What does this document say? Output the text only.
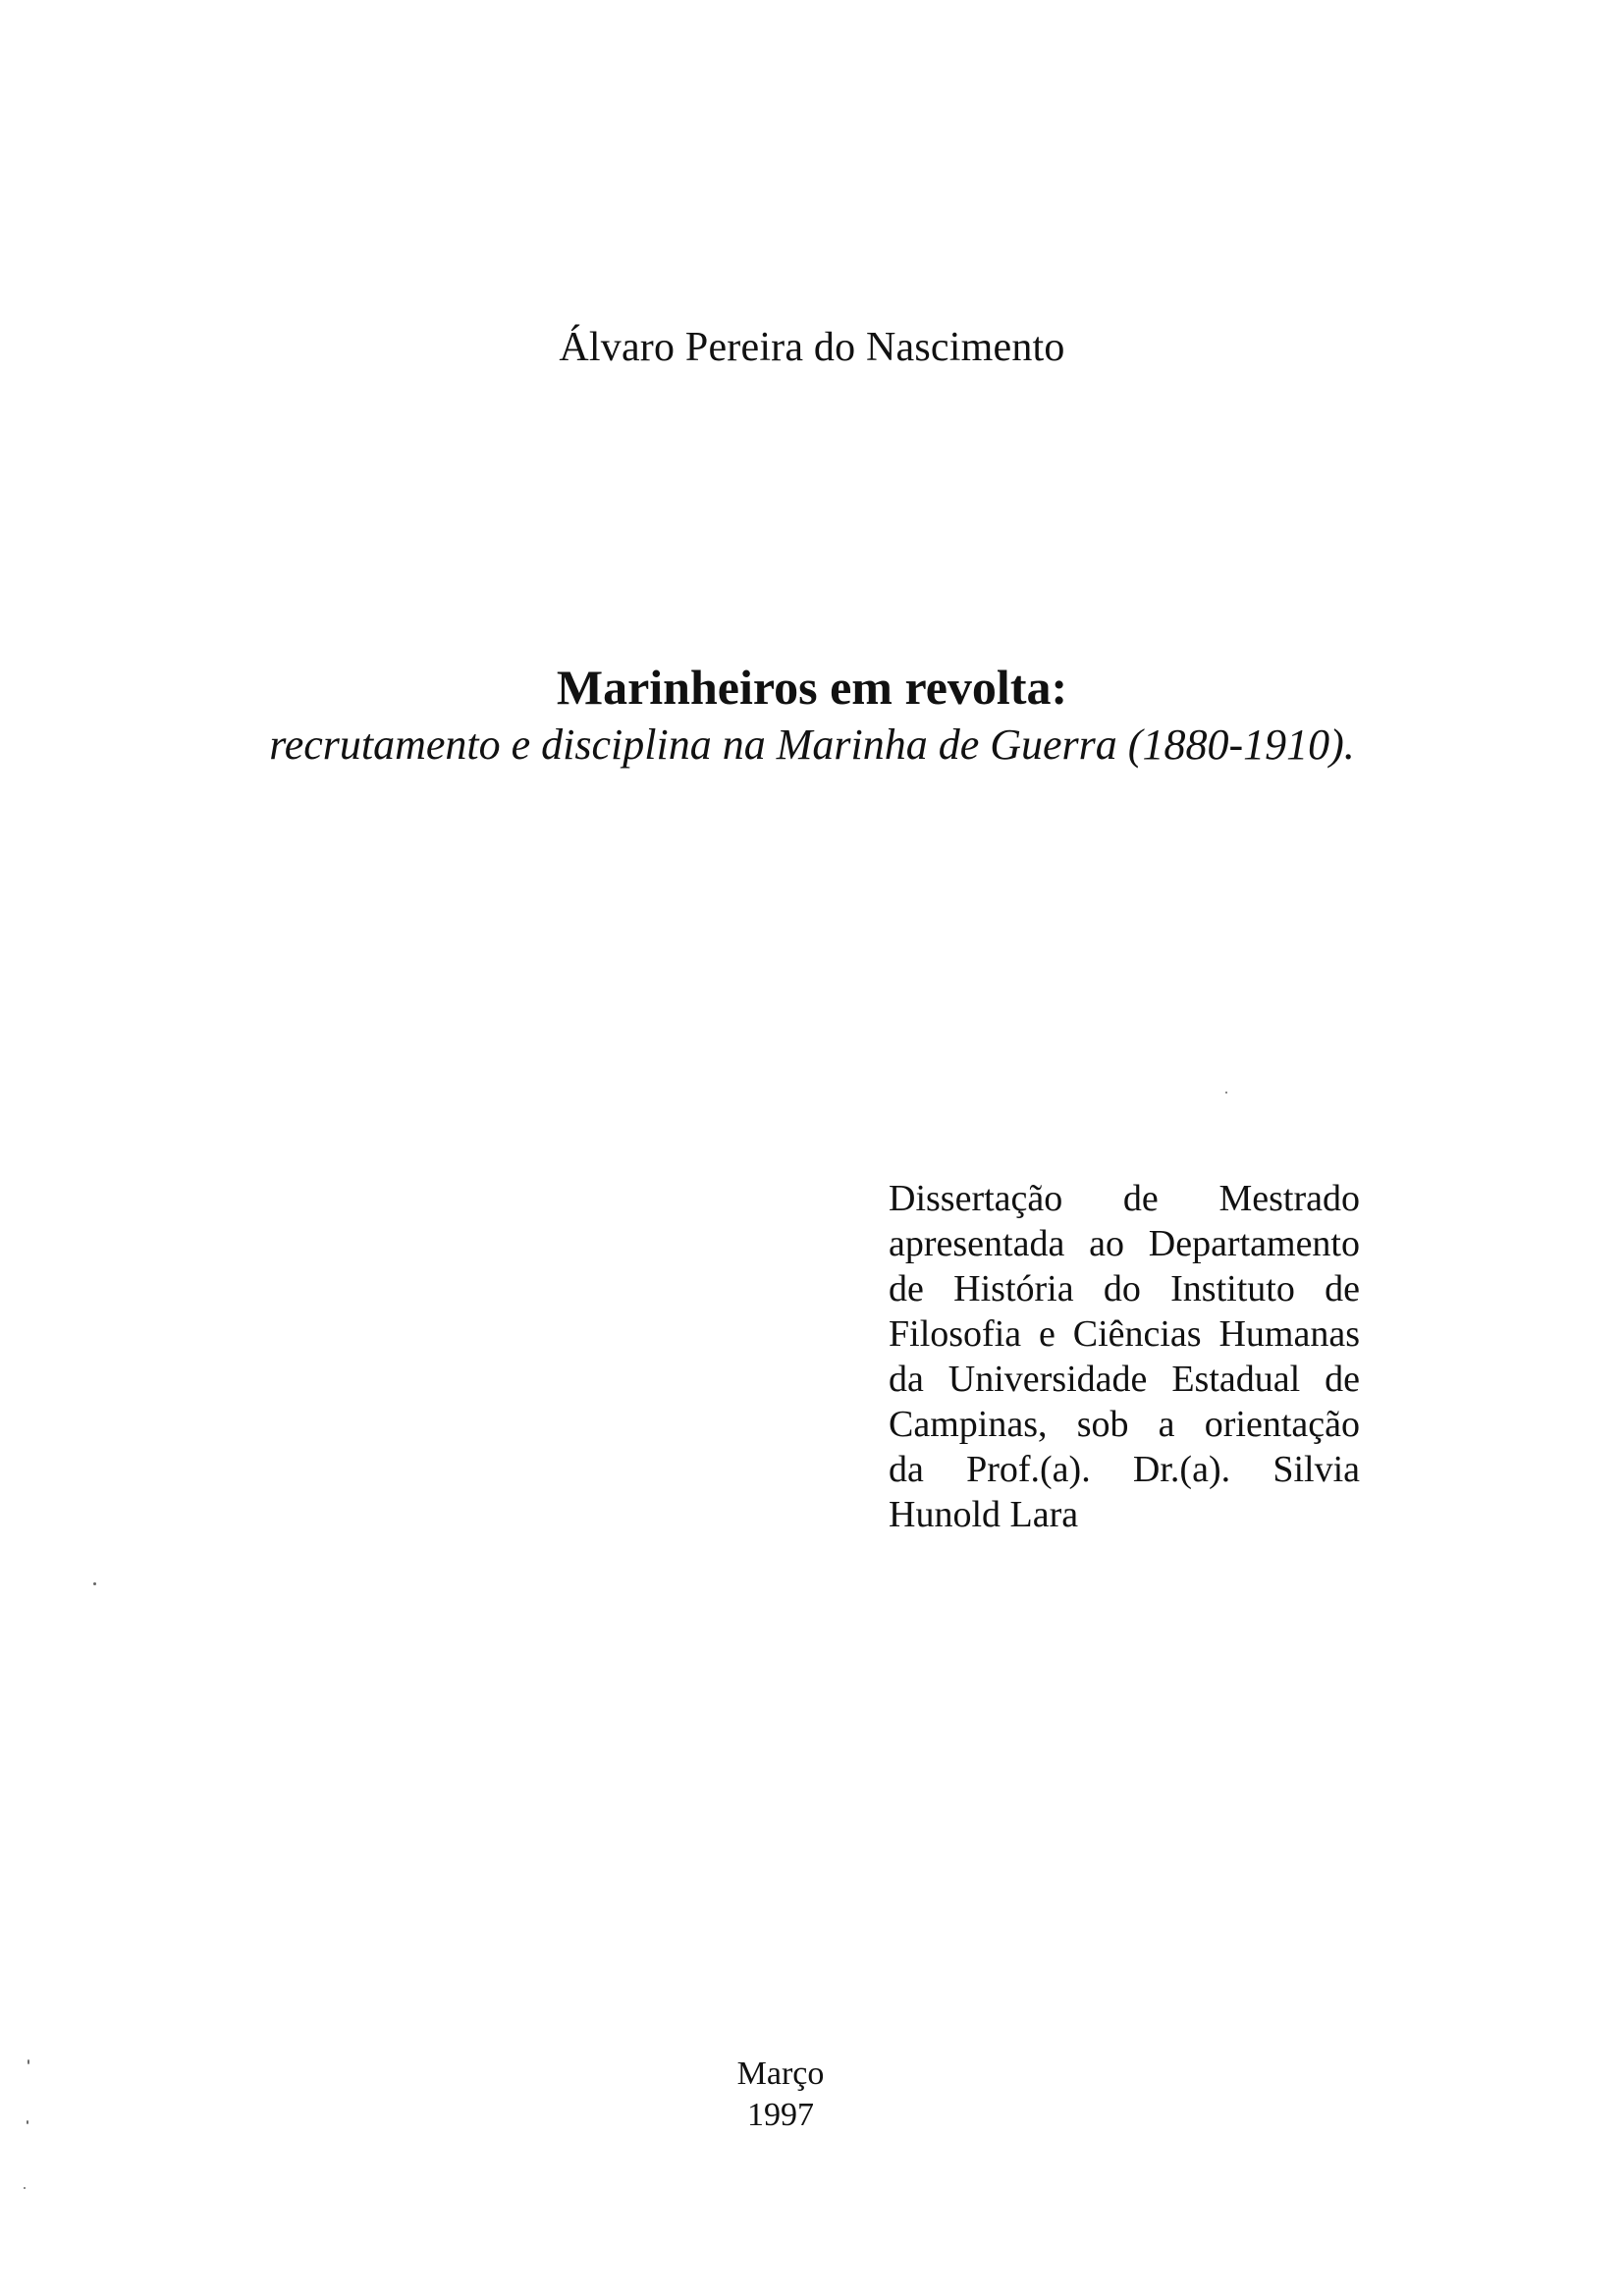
Álvaro Pereira do Nascimento
Marinheiros em revolta:
recrutamento e disciplina na Marinha de Guerra (1880-1910).
Dissertação de Mestrado
apresentada ao Departamento
de História do Instituto de
Filosofia e Ciências Humanas
da Universidade Estadual de
Campinas, sob a orientação
da Prof.(a). Dr.(a). Silvia
Hunold Lara
Março
1997
